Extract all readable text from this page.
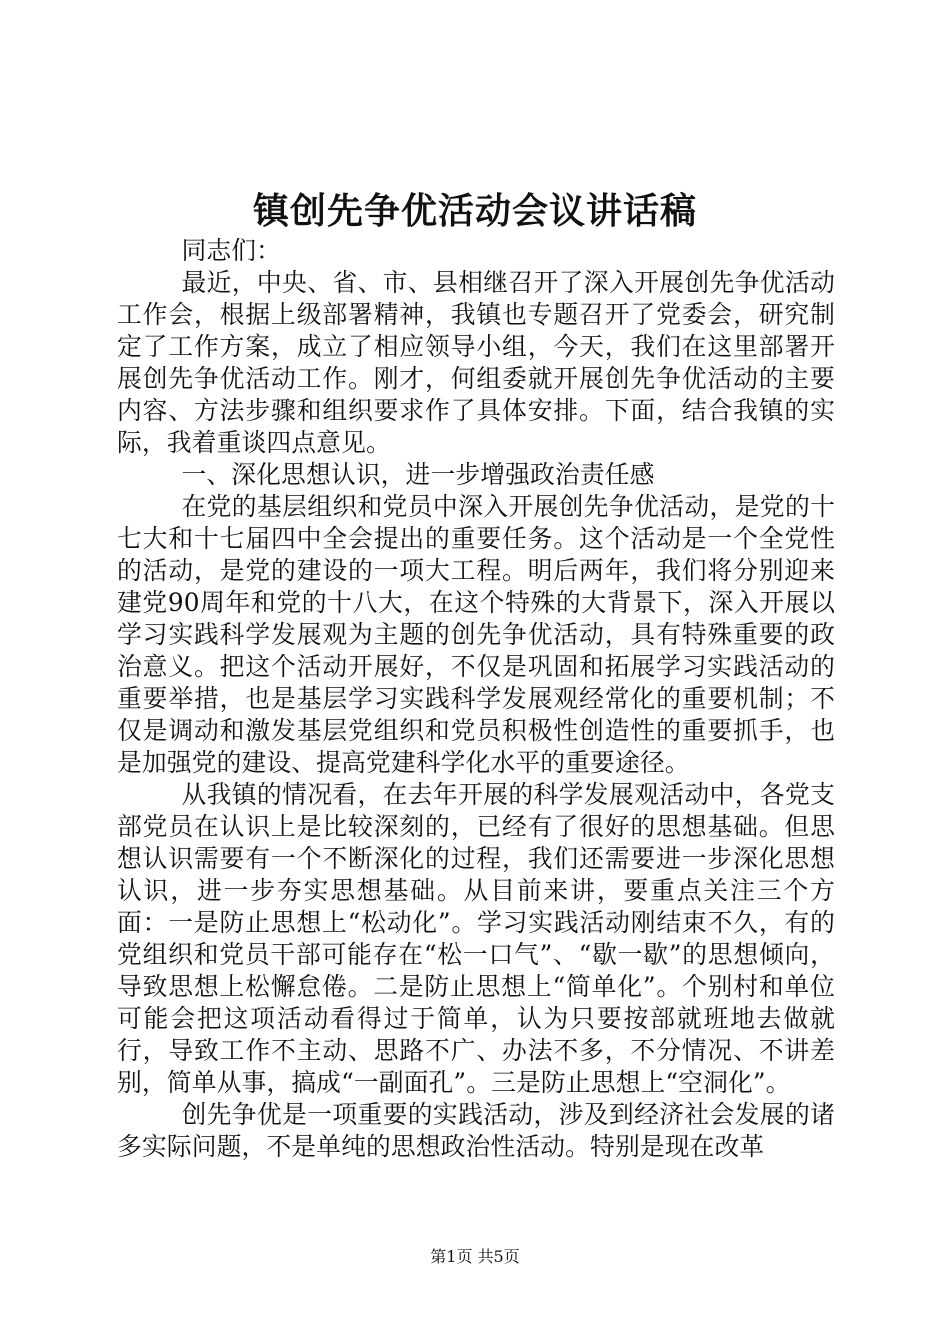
镇创先争优活动会议讲话稿

同志们：

最近，中央、省、市、县相继召开了深入开展创先争优活动工作会，根据上级部署精神，我镇也专题召开了党委会，研究制定了工作方案，成立了相应领导小组，今天，我们在这里部署开展创先争优活动工作。刚才，何组委就开展创先争优活动的主要内容、方法步骤和组织要求作了具体安排。下面，结合我镇的实际，我着重谈四点意见。

一、深化思想认识，进一步增强政治责任感

在党的基层组织和党员中深入开展创先争优活动，是党的十七大和十七届四中全会提出的重要任务。这个活动是一个全党性的活动，是党的建设的一项大工程。明后两年，我们将分别迎来建党90周年和党的十八大，在这个特殊的大背景下，深入开展以学习实践科学发展观为主题的创先争优活动，具有特殊重要的政治意义。把这个活动开展好，不仅是巩固和拓展学习实践活动的重要举措，也是基层学习实践科学发展观经常化的重要机制；不仅是调动和激发基层党组织和党员积极性创造性的重要抓手，也是加强党的建设、提高党建科学化水平的重要途径。

从我镇的情况看，在去年开展的科学发展观活动中，各党支部党员在认识上是比较深刻的，已经有了很好的思想基础。但思想认识需要有一个不断深化的过程，我们还需要进一步深化思想认识，进一步夯实思想基础。从目前来讲，要重点关注三个方面：一是防止思想上“松动化”。学习实践活动刚结束不久，有的党组织和党员干部可能存在“松一口气”、“歇一歇”的思想倾向，导致思想上松懈怠倦。二是防止思想上“简单化”。个别村和单位可能会把这项活动看得过于简单，认为只要按部就班地去做就行，导致工作不主动、思路不广、办法不多，不分情况、不讲差别，简单从事，搞成“一副面孔”。三是防止思想上“空洞化”。

创先争优是一项重要的实践活动，涉及到经济社会发展的诸多实际问题，不是单纯的思想政治性活动。特别是现在改革

第1页 共5页
